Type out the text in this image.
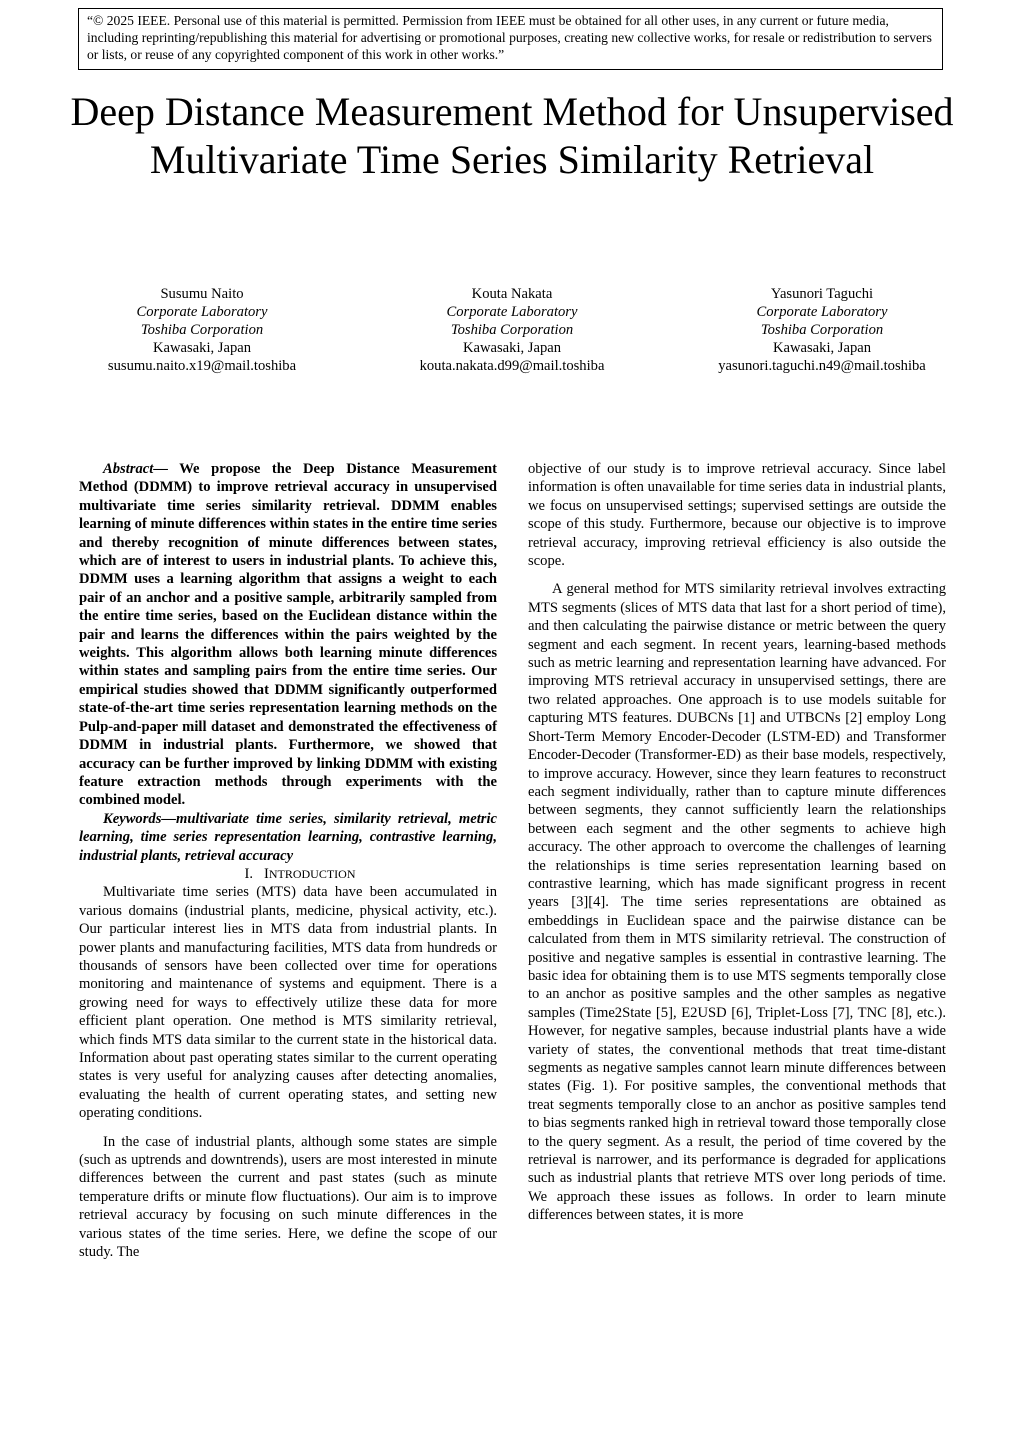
“© 2025 IEEE. Personal use of this material is permitted. Permission from IEEE must be obtained for all other uses, in any current or future media, including reprinting/republishing this material for advertising or promotional purposes, creating new collective works, for resale or redistribution to servers or lists, or reuse of any copyrighted component of this work in other works.”
Deep Distance Measurement Method for Unsupervised Multivariate Time Series Similarity Retrieval
Susumu Naito
Corporate Laboratory
Toshiba Corporation
Kawasaki, Japan
susumu.naito.x19@mail.toshiba
Kouta Nakata
Corporate Laboratory
Toshiba Corporation
Kawasaki, Japan
kouta.nakata.d99@mail.toshiba
Yasunori Taguchi
Corporate Laboratory
Toshiba Corporation
Kawasaki, Japan
yasunori.taguchi.n49@mail.toshiba

Abstract— We propose the Deep Distance Measurement Method (DDMM) to improve retrieval accuracy in unsupervised multivariate time series similarity retrieval. DDMM enables learning of minute differences within states in the entire time series and thereby recognition of minute differences between states, which are of interest to users in industrial plants. To achieve this, DDMM uses a learning algorithm that assigns a weight to each pair of an anchor and a positive sample, arbitrarily sampled from the entire time series, based on the Euclidean distance within the pair and learns the differences within the pairs weighted by the weights. This algorithm allows both learning minute differences within states and sampling pairs from the entire time series. Our empirical studies showed that DDMM significantly outperformed state-of-the-art time series representation learning methods on the Pulp-and-paper mill dataset and demonstrated the effectiveness of DDMM in industrial plants. Furthermore, we showed that accuracy can be further improved by linking DDMM with existing feature extraction methods through experiments with the combined model.

Keywords—multivariate time series, similarity retrieval, metric learning, time series representation learning, contrastive learning, industrial plants, retrieval accuracy

I. INTRODUCTION

Multivariate time series (MTS) data have been accumulated in various domains (industrial plants, medicine, physical activity, etc.). Our particular interest lies in MTS data from industrial plants. In power plants and manufacturing facilities, MTS data from hundreds or thousands of sensors have been collected over time for operations monitoring and maintenance of systems and equipment. There is a growing need for ways to effectively utilize these data for more efficient plant operation. One method is MTS similarity retrieval, which finds MTS data similar to the current state in the historical data. Information about past operating states similar to the current operating states is very useful for analyzing causes after detecting anomalies, evaluating the health of current operating states, and setting new operating conditions.

In the case of industrial plants, although some states are simple (such as uptrends and downtrends), users are most interested in minute differences between the current and past states (such as minute temperature drifts or minute flow fluctuations). Our aim is to improve retrieval accuracy by focusing on such minute differences in the various states of the time series. Here, we define the scope of our study. The

objective of our study is to improve retrieval accuracy. Since label information is often unavailable for time series data in industrial plants, we focus on unsupervised settings; supervised settings are outside the scope of this study. Furthermore, because our objective is to improve retrieval accuracy, improving retrieval efficiency is also outside the scope.

A general method for MTS similarity retrieval involves extracting MTS segments (slices of MTS data that last for a short period of time), and then calculating the pairwise distance or metric between the query segment and each segment. In recent years, learning-based methods such as metric learning and representation learning have advanced. For improving MTS retrieval accuracy in unsupervised settings, there are two related approaches. One approach is to use models suitable for capturing MTS features. DUBCNs [1] and UTBCNs [2] employ Long Short-Term Memory Encoder-Decoder (LSTM-ED) and Transformer Encoder-Decoder (Transformer-ED) as their base models, respectively, to improve accuracy. However, since they learn features to reconstruct each segment individually, rather than to capture minute differences between segments, they cannot sufficiently learn the relationships between each segment and the other segments to achieve high accuracy. The other approach to overcome the challenges of learning the relationships is time series representation learning based on contrastive learning, which has made significant progress in recent years [3][4]. The time series representations are obtained as embeddings in Euclidean space and the pairwise distance can be calculated from them in MTS similarity retrieval. The construction of positive and negative samples is essential in contrastive learning. The basic idea for obtaining them is to use MTS segments temporally close to an anchor as positive samples and the other samples as negative samples (Time2State [5], E2USD [6], Triplet-Loss [7], TNC [8], etc.). However, for negative samples, because industrial plants have a wide variety of states, the conventional methods that treat time-distant segments as negative samples cannot learn minute differences between states (Fig. 1). For positive samples, the conventional methods that treat segments temporally close to an anchor as positive samples tend to bias segments ranked high in retrieval toward those temporally close to the query segment. As a result, the period of time covered by the retrieval is narrower, and its performance is degraded for applications such as industrial plants that retrieve MTS over long periods of time. We approach these issues as follows. In order to learn minute differences between states, it is more
